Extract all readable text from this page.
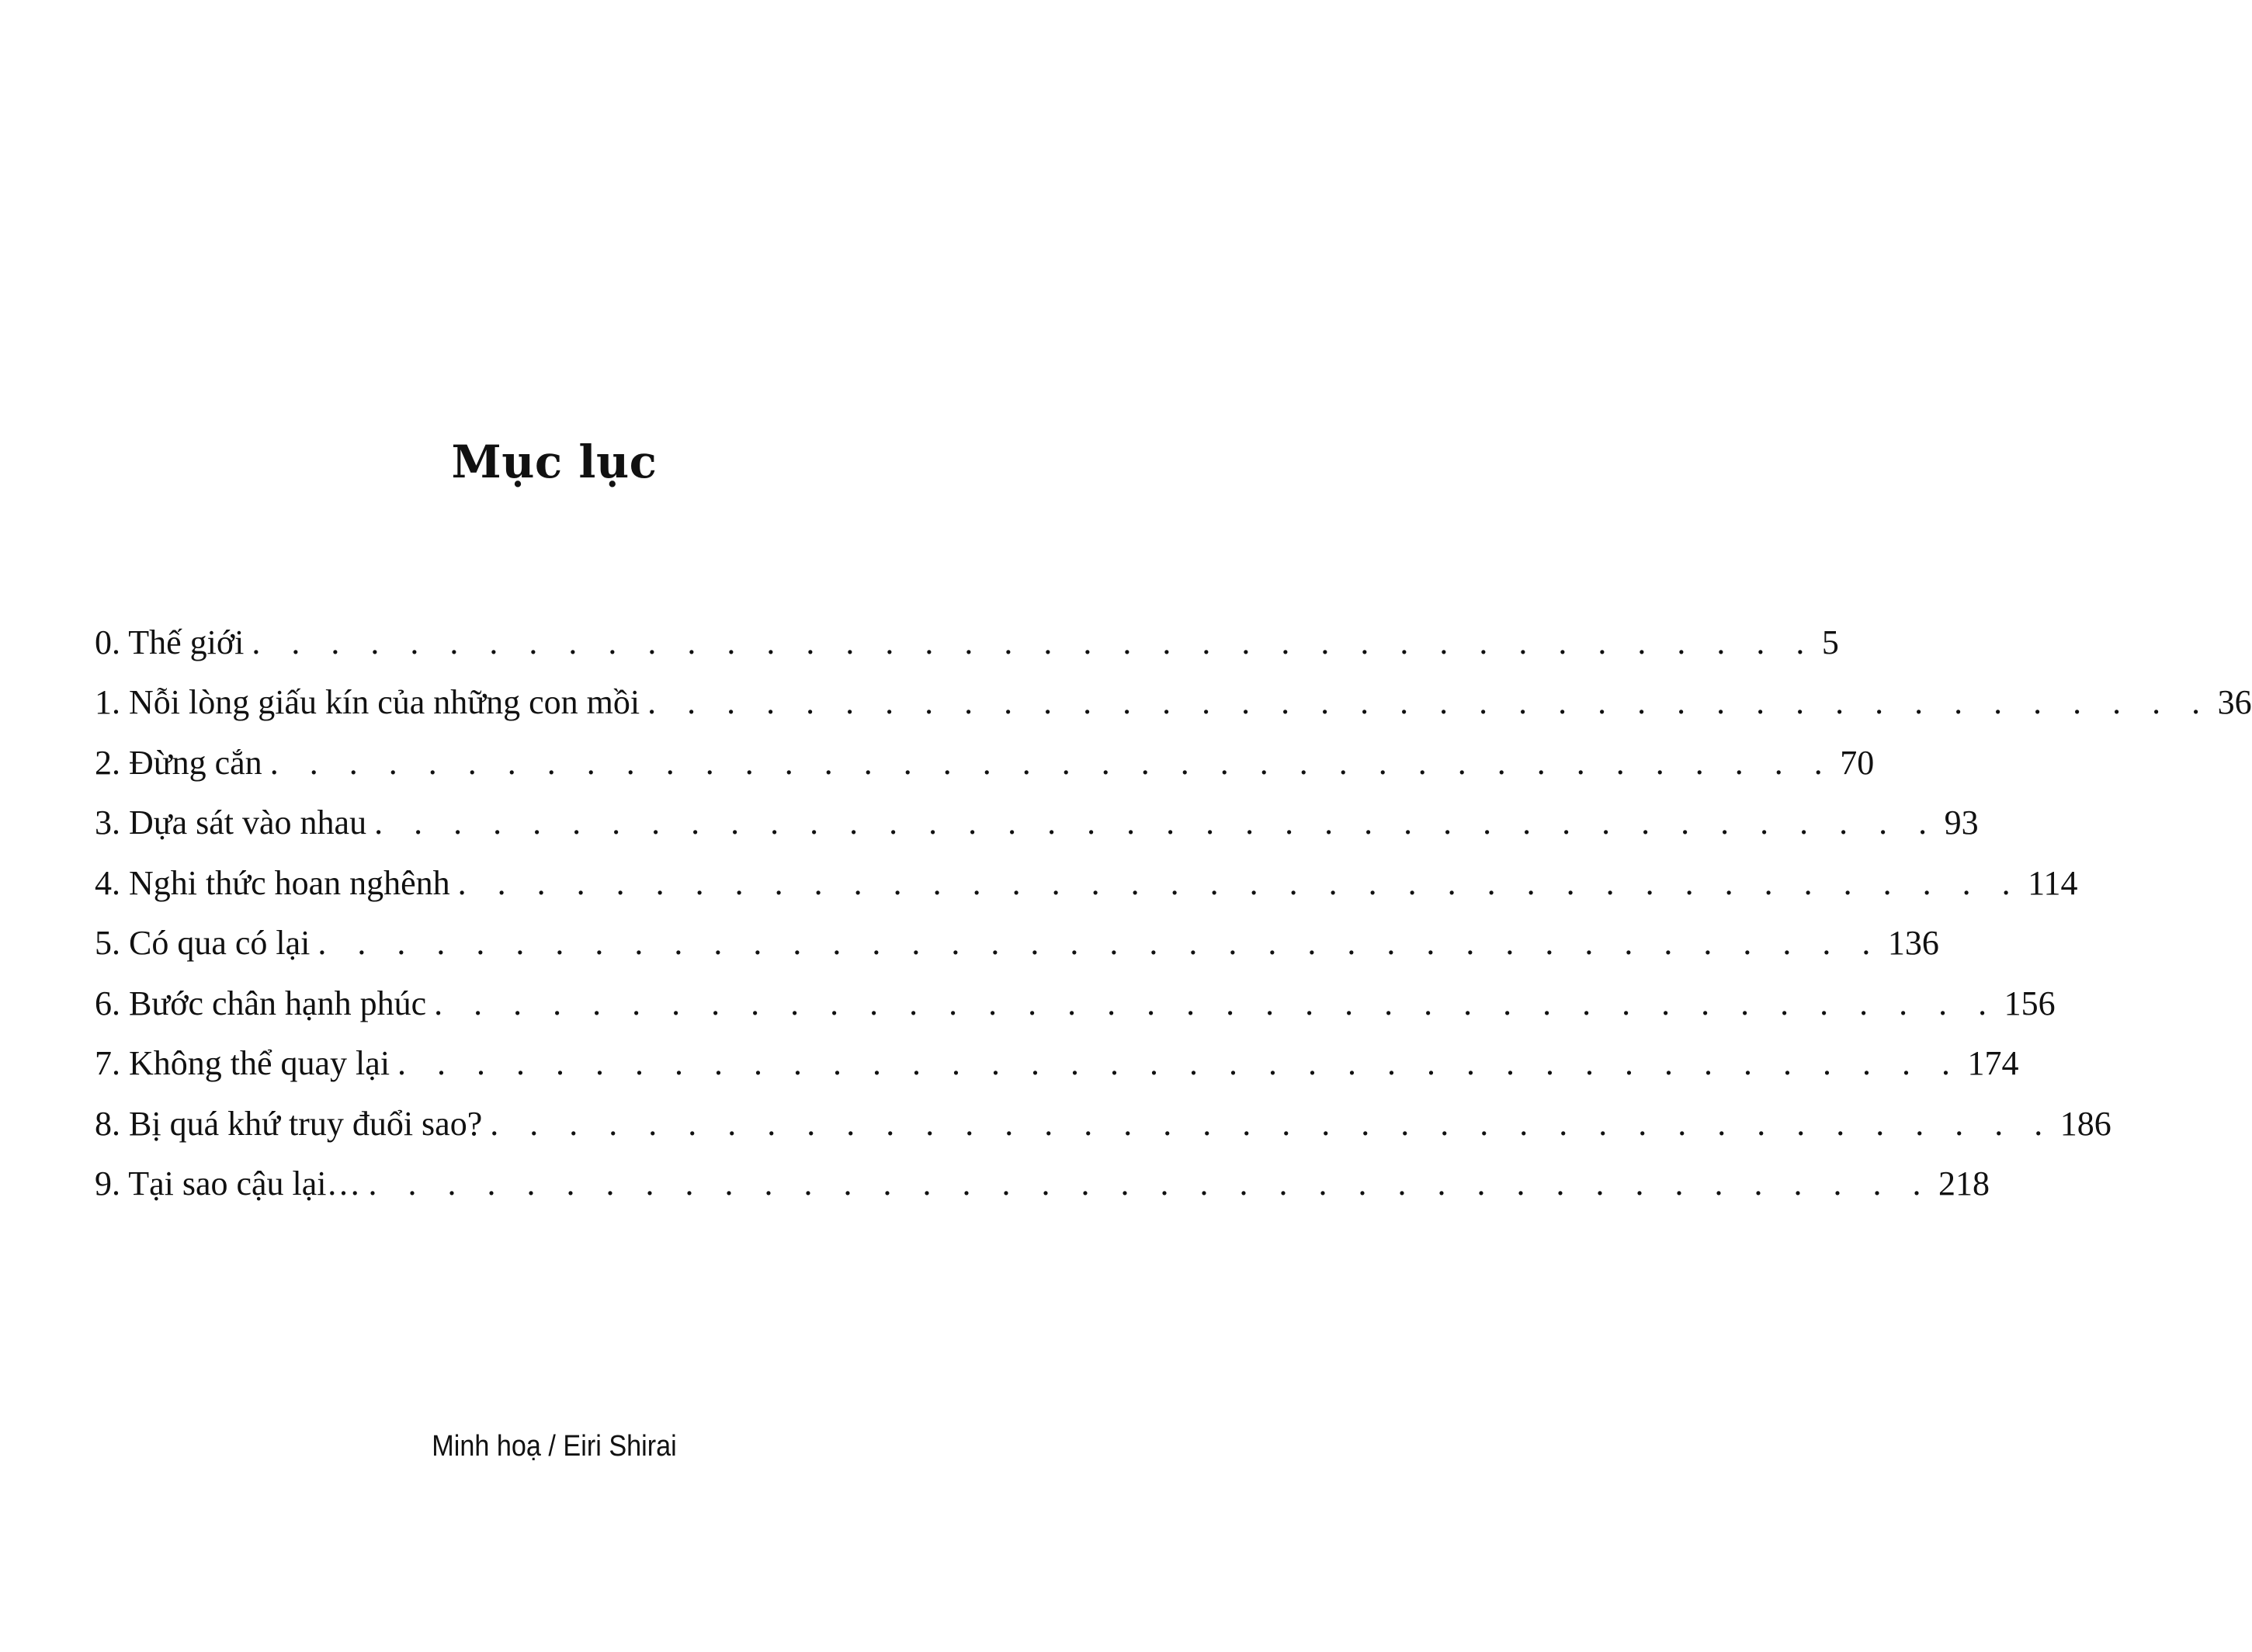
Mục lục
0. Thế giới . . . . . . . . . . . . . . . . . . . . . . . . . . . . . . . . . . . . . . . . 5
1. Nỗi lòng giấu kín của những con mồi . . . . . . . . . . . . . . . . . . . . . . . . . . . . . . . . . . . . . . . . 36
2. Đừng cắn . . . . . . . . . . . . . . . . . . . . . . . . . . . . . . . . . . . . . . . . 70
3. Dựa sát vào nhau . . . . . . . . . . . . . . . . . . . . . . . . . . . . . . . . . . . . . . . . 93
4. Nghi thức hoan nghênh . . . . . . . . . . . . . . . . . . . . . . . . . . . . . . . . . . . . . . . . 114
5. Có qua có lại . . . . . . . . . . . . . . . . . . . . . . . . . . . . . . . . . . . . . . . . 136
6. Bước chân hạnh phúc . . . . . . . . . . . . . . . . . . . . . . . . . . . . . . . . . . . . . . . . 156
7. Không thể quay lại . . . . . . . . . . . . . . . . . . . . . . . . . . . . . . . . . . . . . . . . 174
8. Bị quá khứ truy đuổi sao? . . . . . . . . . . . . . . . . . . . . . . . . . . . . . . . . . . . . . . . . 186
9. Tại sao cậu lại… . . . . . . . . . . . . . . . . . . . . . . . . . . . . . . . . . . . . . . . . 218
Minh hoạ / Eiri Shirai
